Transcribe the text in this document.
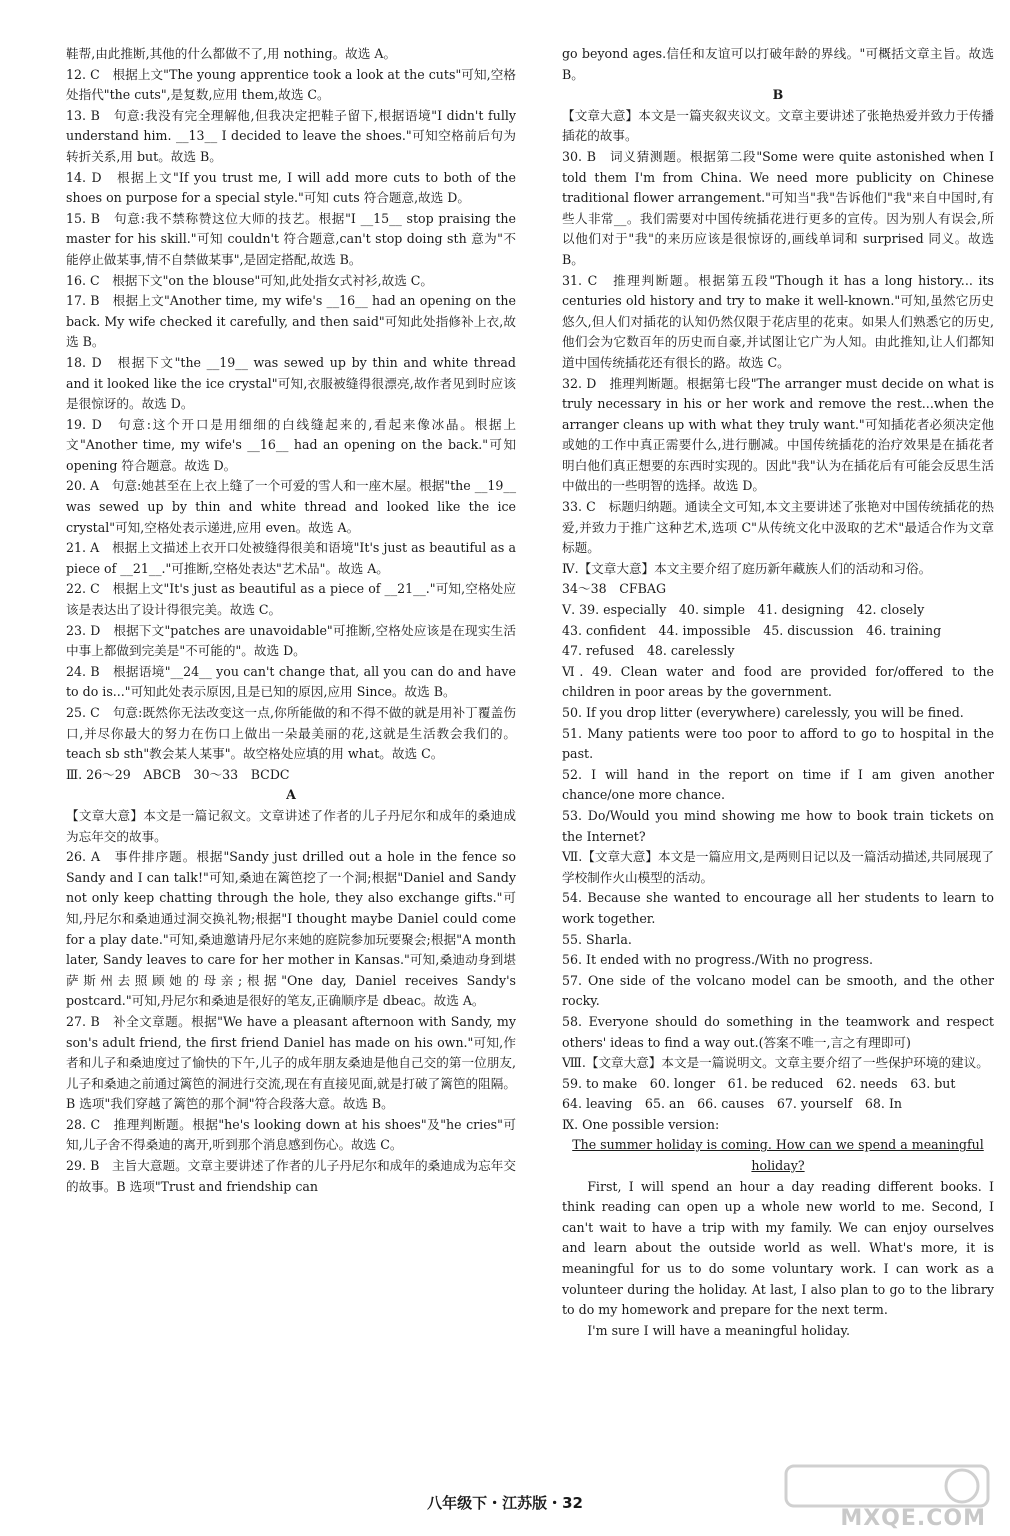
鞋帮,由此推断,其他的什么都做不了,用 nothing。故选 A。

12. C　根据上文"The young apprentice took a look at the cuts"可知,空格处指代"the cuts",是复数,应用 them,故选 C。

13. B　句意:我没有完全理解他,但我决定把鞋子留下,根据语境"I didn't fully understand him. __13__ I decided to leave the shoes."可知空格前后句为转折关系,用 but。故选 B。

14. D　根据上文"If you trust me, I will add more cuts to both of the shoes on purpose for a special style."可知 cuts 符合题意,故选 D。

15. B　句意:我不禁称赞这位大师的技艺。根据"I __15__ stop praising the master for his skill."可知 couldn't 符合题意,can't stop doing sth 意为"不能停止做某事,情不自禁做某事",是固定搭配,故选 B。

16. C　根据下文"on the blouse"可知,此处指女式衬衫,故选 C。

17. B　根据上文"Another time, my wife's __16__ had an opening on the back. My wife checked it carefully, and then said"可知此处指修补上衣,故选 B。

18. D　根据下文"the __19__ was sewed up by thin and white thread and it looked like the ice crystal"可知,衣服被缝得很漂亮,故作者见到时应该是很惊讶的。故选 D。

19. D　句意:这个开口是用细细的白线缝起来的,看起来像冰晶。根据上文"Another time, my wife's __16__ had an opening on the back."可知 opening 符合题意。故选 D。

20. A　句意:她甚至在上衣上缝了一个可爱的雪人和一座木屋。根据"the __19__ was sewed up by thin and white thread and looked like the ice crystal"可知,空格处表示递进,应用 even。故选 A。

21. A　根据上文描述上衣开口处被缝得很美和语境"It's just as beautiful as a piece of __21__."可推断,空格处表达"艺术品"。故选 A。

22. C　根据上文"It's just as beautiful as a piece of __21__."可知,空格处应该是表达出了设计得很完美。故选 C。

23. D　根据下文"patches are unavoidable"可推断,空格处应该是在现实生活中事上都做到完美是"不可能的"。故选 D。

24. B　根据语境"__24__ you can't change that, all you can do and have to do is..."可知此处表示原因,且是已知的原因,应用 Since。故选 B。

25. C　句意:既然你无法改变这一点,你所能做的和不得不做的就是用补丁覆盖伤口,并尽你最大的努力在伤口上做出一朵最美丽的花,这就是生活教会我们的。teach sb sth"教会某人某事"。故空格处应填的用 what。故选 C。

Ⅲ. 26～29　ABCB　30～33　BCDC

A

【文章大意】本文是一篇记叙文。文章讲述了作者的儿子丹尼尔和成年的桑迪成为忘年交的故事。

26. A　事件排序题。根据"Sandy just drilled out a hole in the fence so Sandy and I can talk!"可知,桑迪在篱笆挖了一个洞;根据"Daniel and Sandy not only keep chatting through the hole, they also exchange gifts."可知,丹尼尔和桑迪通过洞交换礼物;根据"I thought maybe Daniel could come for a play date."可知,桑迪邀请丹尼尔来她的庭院参加玩要聚会;根据"A month later, Sandy leaves to care for her mother in Kansas."可知,桑迪动身到堪萨斯州去照顾她的母亲;根据"One day, Daniel receives Sandy's postcard."可知,丹尼尔和桑迪是很好的笔友,正确顺序是 dbeac。故选 A。

27. B　补全文章题。根据"We have a pleasant afternoon with Sandy, my son's adult friend, the first friend Daniel has made on his own."可知,作者和儿子和桑迪度过了愉快的下午,儿子的成年朋友桑迪是他自己交的第一位朋友,儿子和桑迪之前通过篱笆的洞进行交流,现在有直接见面,就是打破了篱笆的阻隔。B 选项"我们穿越了篱笆的那个洞"符合段落大意。故选 B。

28. C　推理判断题。根据"he's looking down at his shoes"及"he cries"可知,儿子舍不得桑迪的离开,听到那个消息感到伤心。故选 C。

29. B　主旨大意题。文章主要讲述了作者的儿子丹尼尔和成年的桑迪成为忘年交的故事。B 选项"Trust and friendship can

go beyond ages.信任和友谊可以打破年龄的界线。"可概括文章主旨。故选 B。

B

【文章大意】本文是一篇夹叙夹议文。文章主要讲述了张艳热爱并致力于传播插花的故事。

30. B　词义猜测题。根据第二段"Some were quite astonished when I told them I'm from China. We need more publicity on Chinese traditional flower arrangement."可知当"我"告诉他们"我"来自中国时,有些人非常__。我们需要对中国传统插花进行更多的宣传。因为别人有误会,所以他们对于"我"的来历应该是很惊讶的,画线单词和 surprised 同义。故选 B。

31. C　推理判断题。根据第五段"Though it has a long history... its centuries old history and try to make it well-known."可知,虽然它历史悠久,但人们对插花的认知仍然仅限于花店里的花束。如果人们熟悉它的历史,他们会为它数百年的历史而自豪,并试图让它广为人知。由此推知,让人们都知道中国传统插花还有很长的路。故选 C。

32. D　推理判断题。根据第七段"The arranger must decide on what is truly necessary in his or her work and remove the rest...when the arranger cleans up with what they truly want."可知插花者必须决定他或她的工作中真正需要什么,进行删减。中国传统插花的治疗效果是在插花者明白他们真正想要的东西时实现的。因此"我"认为在插花后有可能会反思生活中做出的一些明智的选择。故选 D。

33. C　标题归纳题。通读全文可知,本文主要讲述了张艳对中国传统插花的热爱,并致力于推广这种艺术,选项 C"从传统文化中汲取的艺术"最适合作为文章标题。

Ⅳ.【文章大意】本文主要介绍了庭历新年藏族人们的活动和习俗。

34～38　CFBAG

Ⅴ. 39. especially　40. simple　41. designing　42. closely

43. confident　44. impossible　45. discussion　46. training

47. refused　48. carelessly

Ⅵ. 49. Clean water and food are provided for/offered to the children in poor areas by the government.

50. If you drop litter (everywhere) carelessly, you will be fined.

51. Many patients were too poor to afford to go to hospital in the past.

52. I will hand in the report on time if I am given another chance/one more chance.

53. Do/Would you mind showing me how to book train tickets on the Internet?

Ⅶ.【文章大意】本文是一篇应用文,是两则日记以及一篇活动描述,共同展现了学校制作火山模型的活动。

54. Because she wanted to encourage all her students to learn to work together.

55. Sharla.

56. It ended with no progress./With no progress.

57. One side of the volcano model can be smooth, and the other rocky.

58. Everyone should do something in the teamwork and respect others' ideas to find a way out.(答案不唯一,言之有理即可)

Ⅷ.【文章大意】本文是一篇说明文。文章主要介绍了一些保护环境的建议。

59. to make　60. longer　61. be reduced　62. needs　63. but

64. leaving　65. an　66. causes　67. yourself　68. In

Ⅸ. One possible version:

The summer holiday is coming. How can we spend a meaningful holiday?

First, I will spend an hour a day reading different books. I think reading can open up a whole new world to me. Second, I can't wait to have a trip with my family. We can enjoy ourselves and learn about the outside world as well. What's more, it is meaningful for us to do some voluntary work. I can work as a volunteer during the holiday. At last, I also plan to go to the library to do my homework and prepare for the next term.

I'm sure I will have a meaningful holiday.

八年级下・江苏版・32
MXQE.COM
